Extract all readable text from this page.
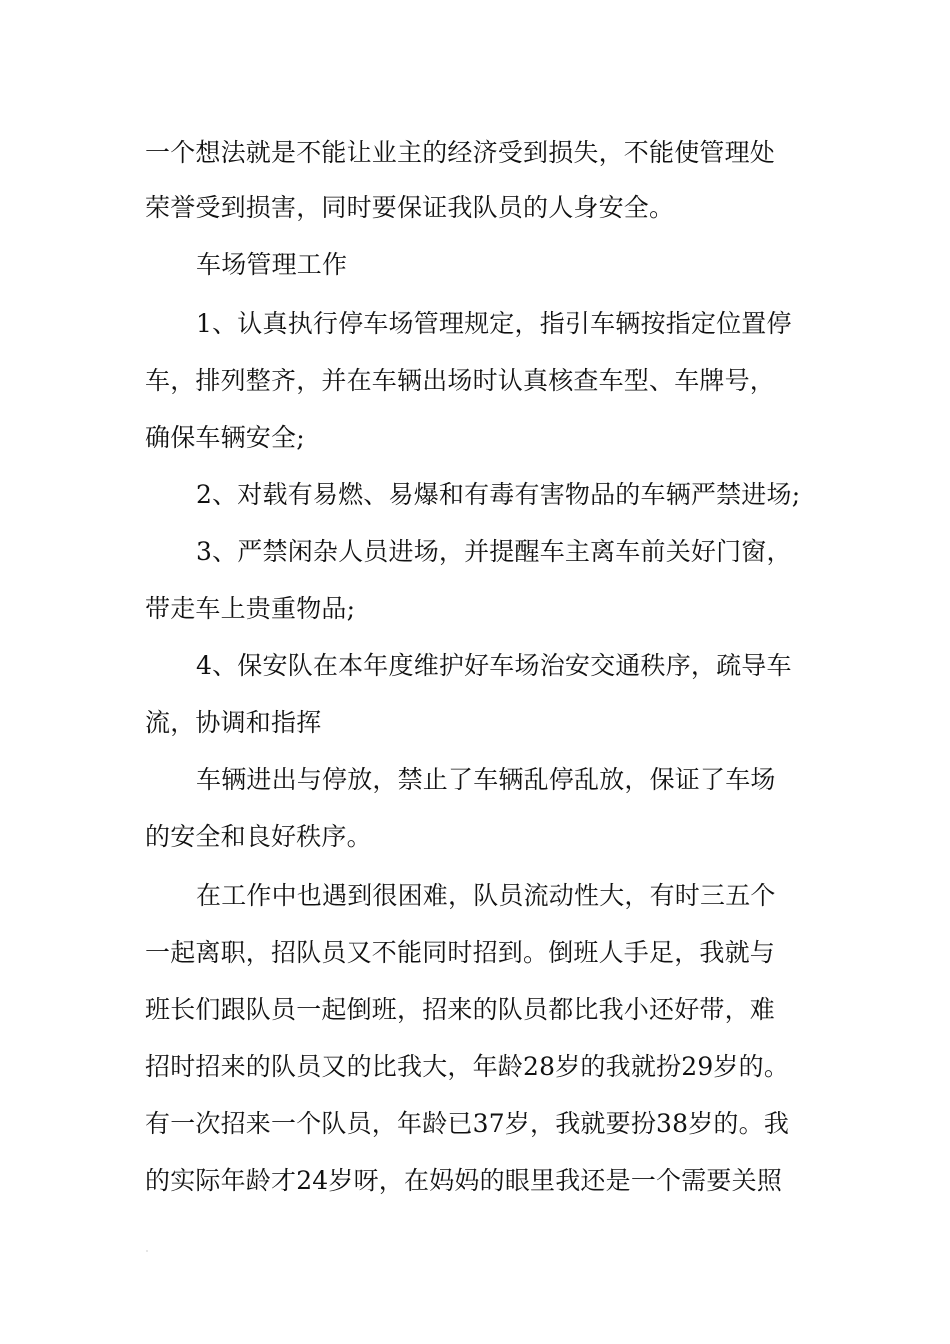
一个想法就是不能让业主的经济受到损失，不能使管理处
荣誉受到损害，同时要保证我队员的人身安全。
车场管理工作
1、认真执行停车场管理规定，指引车辆按指定位置停
车，排列整齐，并在车辆出场时认真核查车型、车牌号，
确保车辆安全;
2、对载有易燃、易爆和有毒有害物品的车辆严禁进场;
3、严禁闲杂人员进场，并提醒车主离车前关好门窗，
带走车上贵重物品;
4、保安队在本年度维护好车场治安交通秩序，疏导车
流，协调和指挥
车辆进出与停放，禁止了车辆乱停乱放，保证了车场
的安全和良好秩序。
在工作中也遇到很困难，队员流动性大，有时三五个
一起离职，招队员又不能同时招到。倒班人手足，我就与
班长们跟队员一起倒班，招来的队员都比我小还好带，难
招时招来的队员又的比我大，年龄28岁的我就扮29岁的。
有一次招来一个队员，年龄已37岁，我就要扮38岁的。我
的实际年龄才24岁呀，在妈妈的眼里我还是一个需要关照
